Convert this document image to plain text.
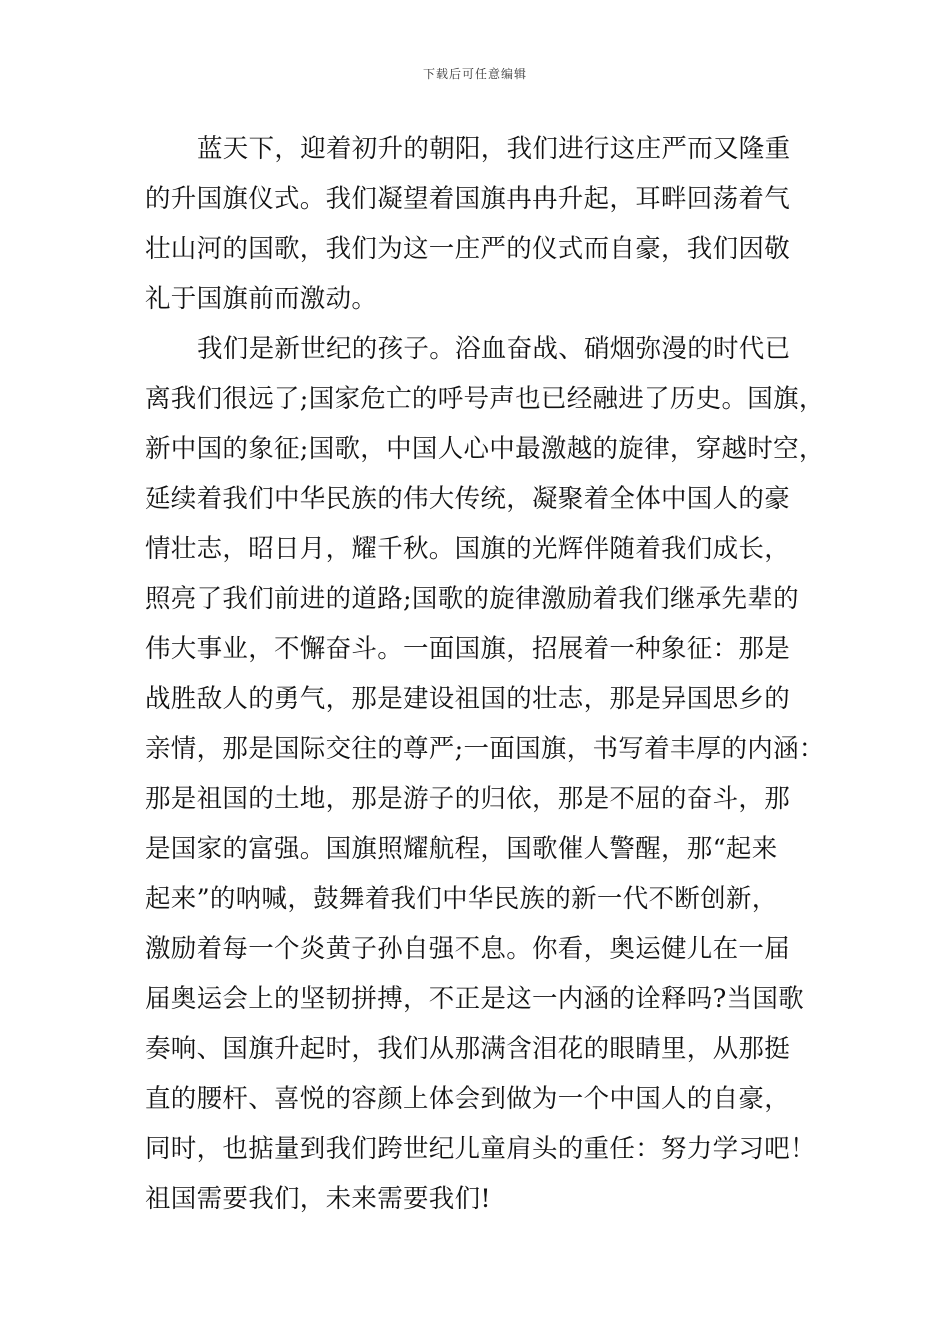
下载后可任意编辑
蓝天下，迎着初升的朝阳，我们进行这庄严而又隆重
的升国旗仪式。我们凝望着国旗冉冉升起，耳畔回荡着气
壮山河的国歌，我们为这一庄严的仪式而自豪，我们因敬
礼于国旗前而激动。
我们是新世纪的孩子。浴血奋战、硝烟弥漫的时代已
离我们很远了;国家危亡的呼号声也已经融进了历史。国旗，
新中国的象征;国歌，中国人心中最激越的旋律，穿越时空，
延续着我们中华民族的伟大传统，凝聚着全体中国人的豪
情壮志，昭日月，耀千秋。国旗的光辉伴随着我们成长，
照亮了我们前进的道路;国歌的旋律激励着我们继承先辈的
伟大事业，不懈奋斗。一面国旗，招展着一种象征：那是
战胜敌人的勇气，那是建设祖国的壮志，那是异国思乡的
亲情，那是国际交往的尊严;一面国旗，书写着丰厚的内涵：
那是祖国的土地，那是游子的归依，那是不屈的奋斗，那
是国家的富强。国旗照耀航程，国歌催人警醒，那“起来
起来”的呐喊，鼓舞着我们中华民族的新一代不断创新，
激励着每一个炎黄子孙自强不息。你看，奥运健儿在一届
届奥运会上的坚韧拼搏，不正是这一内涵的诠释吗?当国歌
奏响、国旗升起时，我们从那满含泪花的眼睛里，从那挺
直的腰杆、喜悦的容颜上体会到做为一个中国人的自豪，
同时，也掂量到我们跨世纪儿童肩头的重任：努力学习吧！
祖国需要我们，未来需要我们!
